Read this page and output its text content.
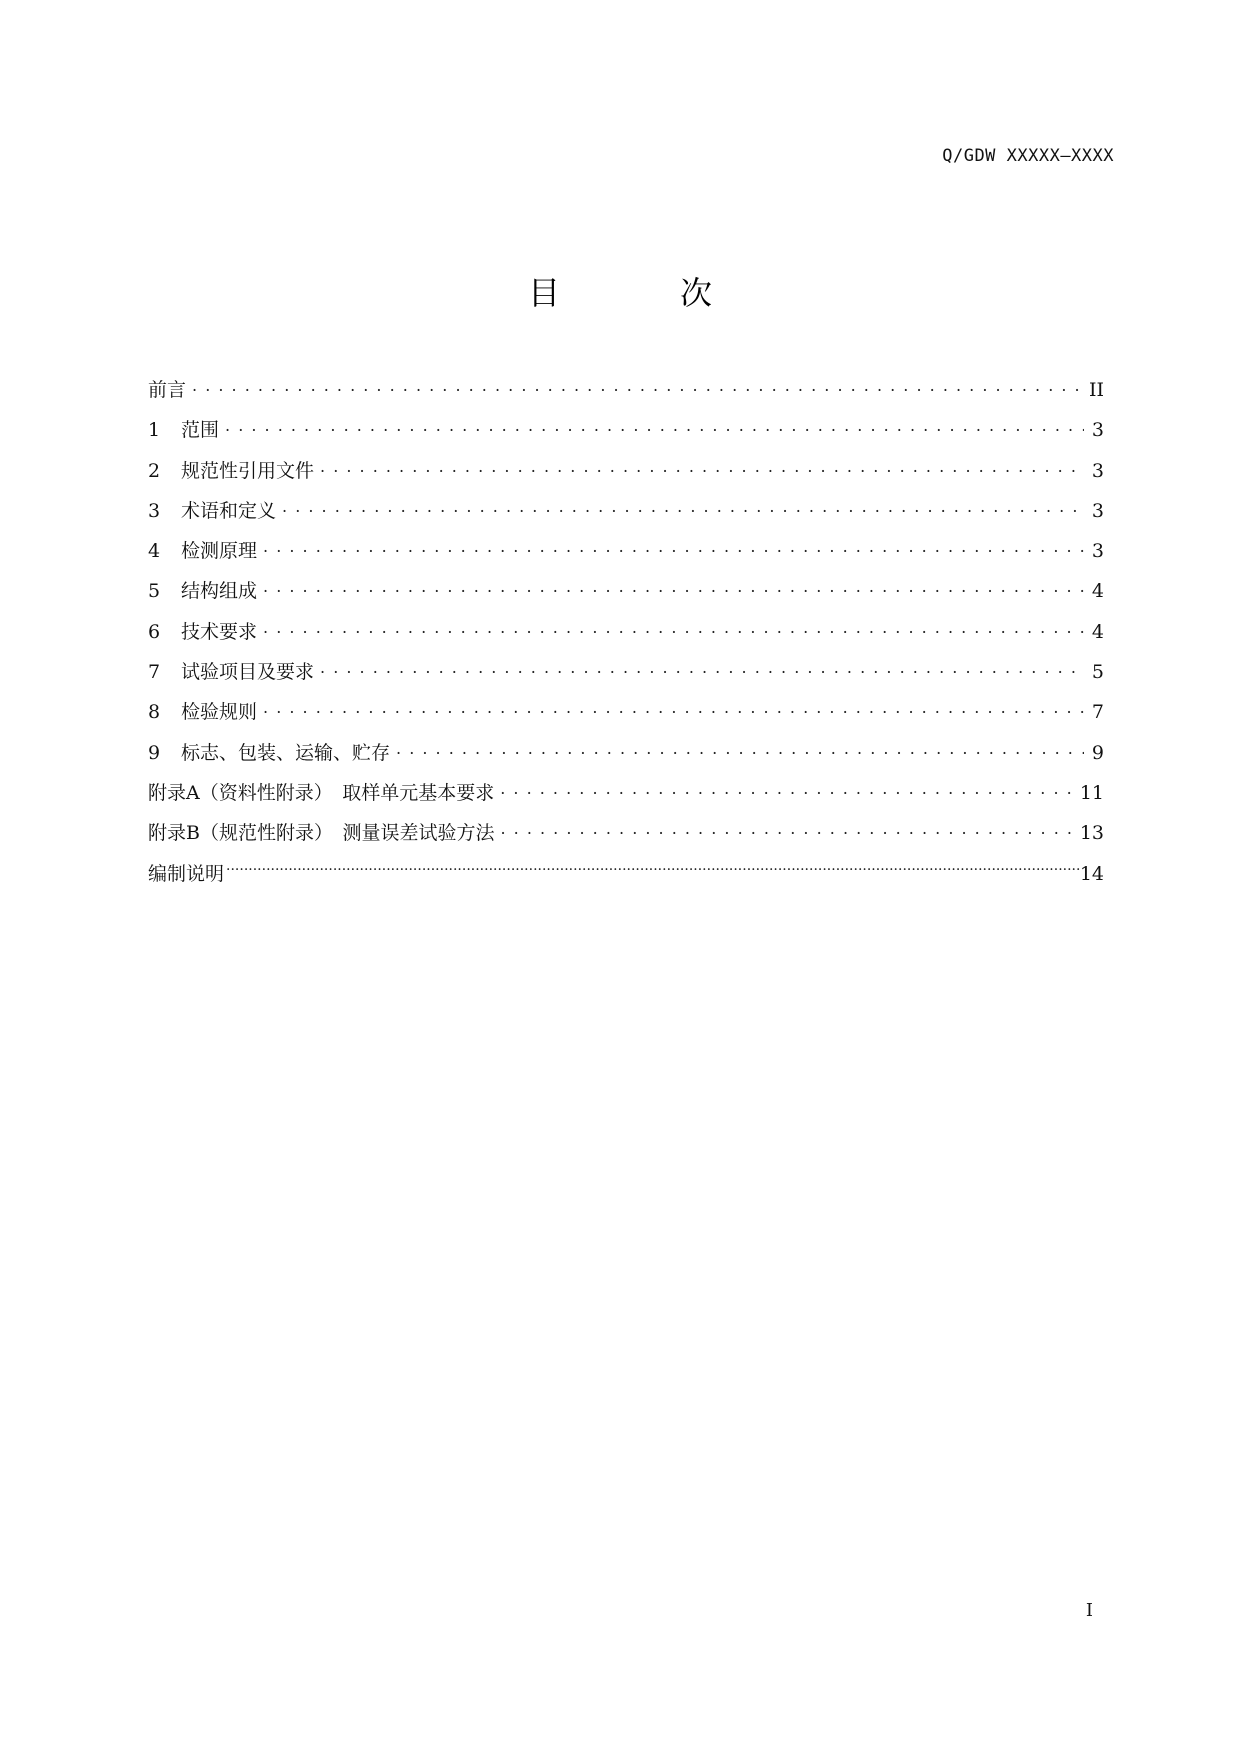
Q/GDW XXXXX—XXXX
目	次
前言 . . .	II
1	范围 . . .	3
2	规范性引用文件 . . .	3
3	术语和定义 . . .	3
4	检测原理 . . .	3
5	结构组成 . . .	4
6	技术要求 . . .	4
7	试验项目及要求 . . .	5
8	检验规则 . . .	7
9	标志、包装、运输、贮存 . . .	9
附录A（资料性附录）　取样单元基本要求 . . .	11
附录B（规范性附录）　测量误差试验方法 . . .	13
编制说明 ·····	14
I
